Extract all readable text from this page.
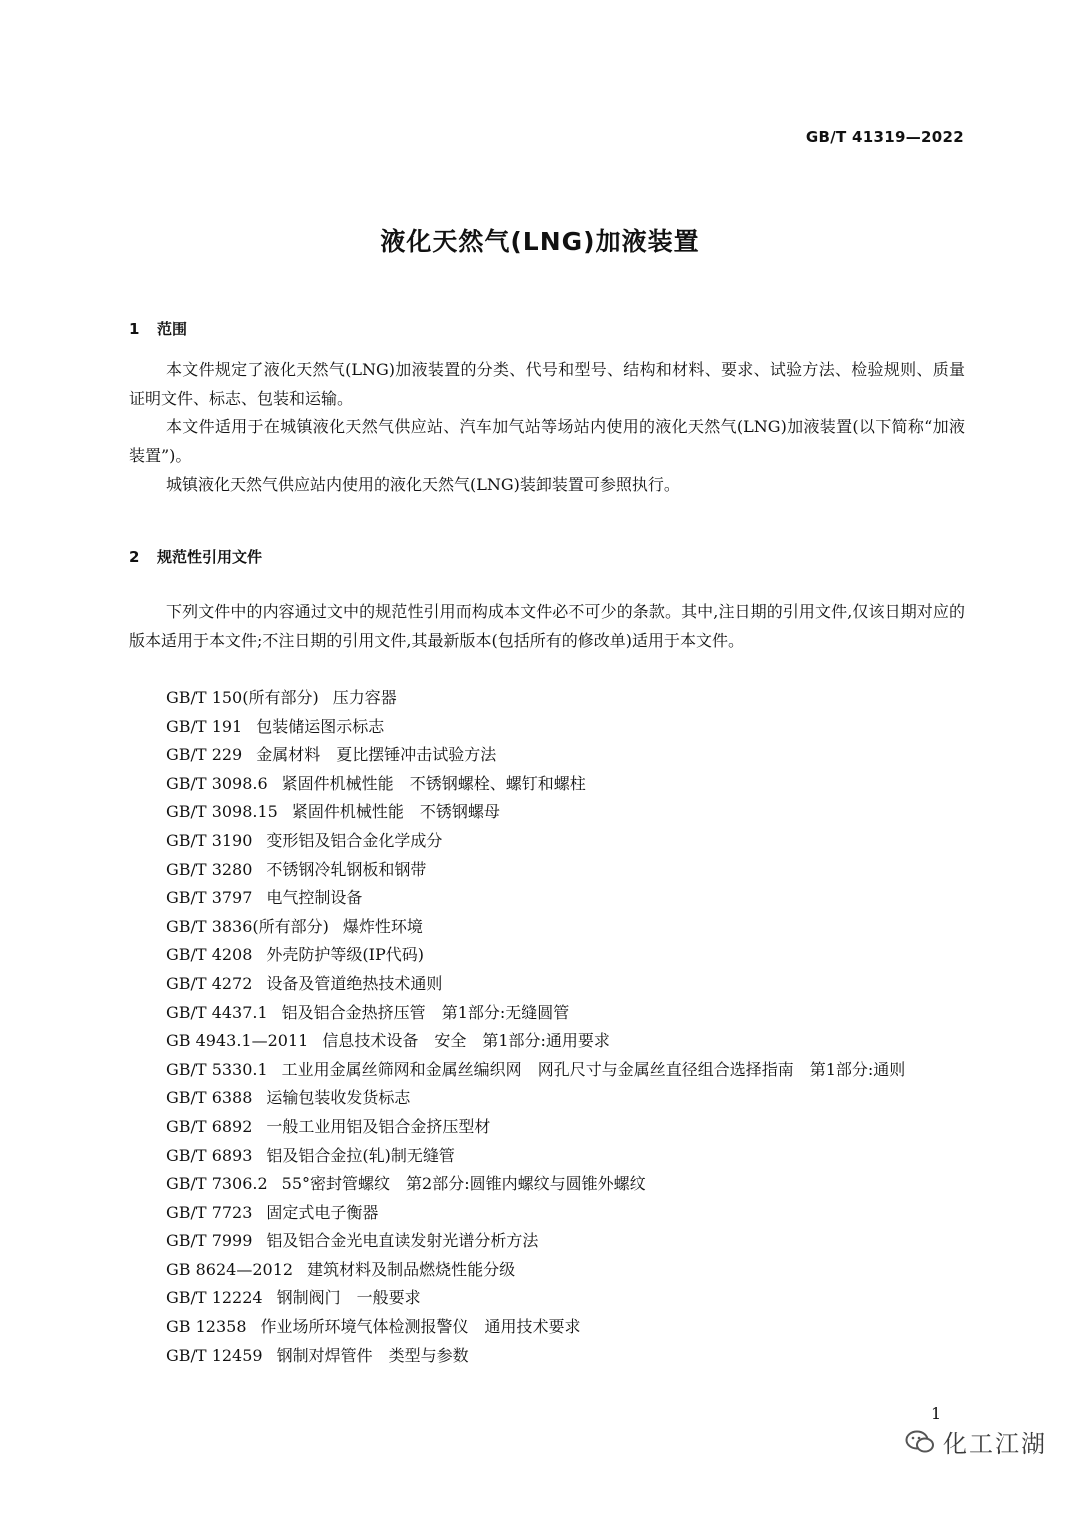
GB/T 41319—2022
液化天然气(LNG)加液装置
1 范围

本文件规定了液化天然气(LNG)加液装置的分类、代号和型号、结构和材料、要求、试验方法、检验规则、质量证明文件、标志、包装和运输。

本文件适用于在城镇液化天然气供应站、汽车加气站等场站内使用的液化天然气(LNG)加液装置(以下简称“加液装置”)。

城镇液化天然气供应站内使用的液化天然气(LNG)装卸装置可参照执行。

2 规范性引用文件

下列文件中的内容通过文中的规范性引用而构成本文件必不可少的条款。其中,注日期的引用文件,仅该日期对应的版本适用于本文件;不注日期的引用文件,其最新版本(包括所有的修改单)适用于本文件。

GB/T 150(所有部分) 压力容器
GB/T 191 包装储运图示标志
GB/T 229 金属材料 夏比摆锤冲击试验方法
GB/T 3098.6 紧固件机械性能 不锈钢螺栓、螺钉和螺柱
GB/T 3098.15 紧固件机械性能 不锈钢螺母
GB/T 3190 变形铝及铝合金化学成分
GB/T 3280 不锈钢冷轧钢板和钢带
GB/T 3797 电气控制设备
GB/T 3836(所有部分) 爆炸性环境
GB/T 4208 外壳防护等级(IP代码)
GB/T 4272 设备及管道绝热技术通则
GB/T 4437.1 铝及铝合金热挤压管 第1部分:无缝圆管
GB 4943.1—2011 信息技术设备 安全　第1部分:通用要求
GB/T 5330.1 工业用金属丝筛网和金属丝编织网 网孔尺寸与金属丝直径组合选择指南　第1部分:通则
GB/T 6388 运输包装收发货标志
GB/T 6892 一般工业用铝及铝合金挤压型材
GB/T 6893 铝及铝合金拉(轧)制无缝管
GB/T 7306.2 55°密封管螺纹 第2部分:圆锥内螺纹与圆锥外螺纹
GB/T 7723 固定式电子衡器
GB/T 7999 铝及铝合金光电直读发射光谱分析方法
GB 8624—2012 建筑材料及制品燃烧性能分级
GB/T 12224 钢制阀门 一般要求
GB 12358 作业场所环境气体检测报警仪 通用技术要求
GB/T 12459 钢制对焊管件 类型与参数
1
化工江湖
